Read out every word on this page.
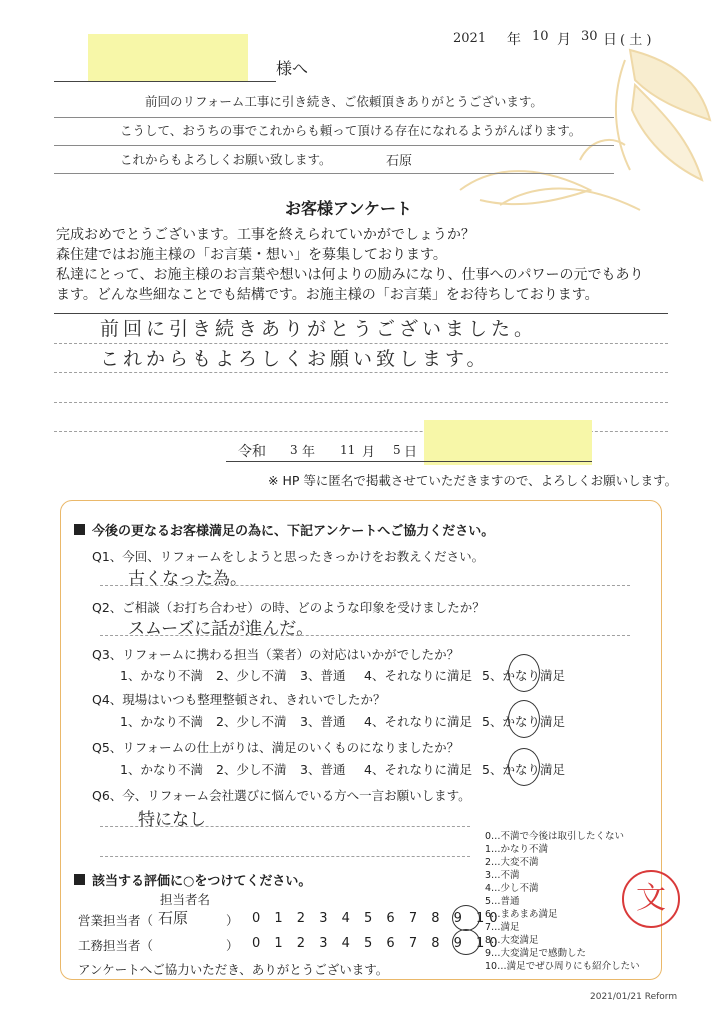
2021 年 10 月 30 日 ( 土 )
様へ
前回のリフォーム工事に引き続き、ご依頼頂きありがとうございます。
こうして、おうちの事でこれからも頼って頂ける存在になれるようがんばります。
これからもよろしくお願い致します。	石原
お客様アンケート
完成おめでとうございます。工事を終えられていかがでしょうか？
森住建ではお施主様の「お言葉・想い」を募集しております。
私達にとって、お施主様のお言葉や想いは何よりの励みになり、仕事へのパワーの元でもあり
ます。どんな些細なことでも結構です。お施主様の「お言葉」をお待ちしております。
前回に引き続きありがとうございました。
これからもよろしくお願い致します。
令和 3 年 11 月 5 日
※ HP 等に匿名で掲載させていただきますので、よろしくお願いします。
今後の更なるお客様満足の為に、下記アンケートへご協力ください。
Q1、今回、リフォームをしようと思ったきっかけをお教えください。
古くなった為。
Q2、ご相談（お打ち合わせ）の時、どのような印象を受けましたか？
スムーズに話が進んだ。
Q3、リフォームに携わる担当（業者）の対応はいかがでしたか？
1、かなり不満 2、少し不満 3、普通 4、それなりに満足 5、かなり満足
Q4、現場はいつも整理整頓され、きれいでしたか？
1、かなり不満 2、少し不満 3、普通 4、それなりに満足 5、かなり満足
Q5、リフォームの仕上がりは、満足のいくものになりましたか？
1、かなり不満 2、少し不満 3、普通 4、それなりに満足 5、かなり満足
Q6、今、リフォーム会社選びに悩んでいる方へ一言お願いします。
特になし
該当する評価に○をつけてください。
担当者名
営業担当者（ 石原	） 0 1 2 3 4 5 6 7 8 9 10
工務担当者（	） 0 1 2 3 4 5 6 7 8 9 10
アンケートへご協力いただき、ありがとうございます。
0…不満で今後は取引したくない
1…かなり不満
2…大変不満
3…不満
4…少し不満
5…普通
6…まあまあ満足
7…満足
8…大変満足
9…大変満足で感動した
10…満足でぜひ周りにも紹介したい
文
2021/01/21 Reform
